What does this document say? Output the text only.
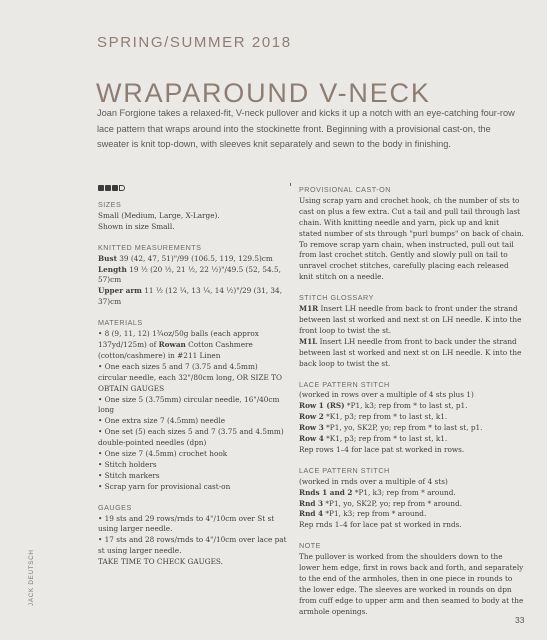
SPRING/SUMMER 2018
WRAPAROUND V-NECK

Joan Forgione takes a relaxed-fit, V-neck pullover and kicks it up a notch with an eye-catching four-row lace pattern that wraps around into the stockinette front. Beginning with a provisional cast-on, the sweater is knit top-down, with sleeves knit separately and sewn to the body in finishing.

SIZES

Small (Medium, Large, X-Large).

Shown in size Small.

KNITTED MEASUREMENTS

Bust 39 (42, 47, 51)"/99 (106.5, 119, 129.5)cm

Length 19 ½ (20 ½, 21 ½, 22 ½)"/49.5 (52, 54.5, 57)cm

Upper arm 11 ½ (12 ¼, 13 ¼, 14 ½)"/29 (31, 34, 37)cm

MATERIALS

• 8 (9, 11, 12) 1¾oz/50g balls (each approx 137yd/125m) of Rowan Cotton Cashmere (cotton/cashmere) in #211 Linen

• One each sizes 5 and 7 (3.75 and 4.5mm) circular needle, each 32"/80cm long, OR SIZE TO OBTAIN GAUGES

• One size 5 (3.75mm) circular needle, 16"/40cm long

• One extra size 7 (4.5mm) needle

• One set (5) each sizes 5 and 7 (3.75 and 4.5mm) double-pointed needles (dpn)

• One size 7 (4.5mm) crochet hook

• Stitch holders

• Stitch markers

• Scrap yarn for provisional cast-on

GAUGES

• 19 sts and 29 rows/rnds to 4"/10cm over St st using larger needle.

• 17 sts and 28 rows/rnds to 4"/10cm over lace pat st using larger needle.

TAKE TIME TO CHECK GAUGES.

PROVISIONAL CAST-ON

Using scrap yarn and crochet hook, ch the number of sts to cast on plus a few extra. Cut a tail and pull tail through last chain. With knitting needle and yarn, pick up and knit stated number of sts through "purl bumps" on back of chain. To remove scrap yarn chain, when instructed, pull out tail from last crochet stitch. Gently and slowly pull on tail to unravel crochet stitches, carefully placing each released knit stitch on a needle.

STITCH GLOSSARY

M1R Insert LH needle from back to front under the strand between last st worked and next st on LH needle. K into the front loop to twist the st.

M1L Insert LH needle from front to back under the strand between last st worked and next st on LH needle. K into the back loop to twist the st.

LACE PATTERN STITCH

(worked in rows over a multiple of 4 sts plus 1)

Row 1 (RS) *P1, k3; rep from * to last st, p1.

Row 2 *K1, p3; rep from * to last st, k1.

Row 3 *P1, yo, SK2P, yo; rep from * to last st, p1.

Row 4 *K1, p3; rep from * to last st, k1.

Rep rows 1–4 for lace pat st worked in rows.

LACE PATTERN STITCH

(worked in rnds over a multiple of 4 sts)

Rnds 1 and 2 *P1, k3; rep from * around.

Rnd 3 *P1, yo, SK2P, yo; rep from * around.

Rnd 4 *P1, k3; rep from * around.

Rep rnds 1–4 for lace pat st worked in rnds.

NOTE

The pullover is worked from the shoulders down to the lower hem edge, first in rows back and forth, and separately to the end of the armholes, then in one piece in rounds to the lower edge. The sleeves are worked in rounds on dpn from cuff edge to upper arm and then seamed to body at the armhole openings.

JACK DEUTSCH
33
